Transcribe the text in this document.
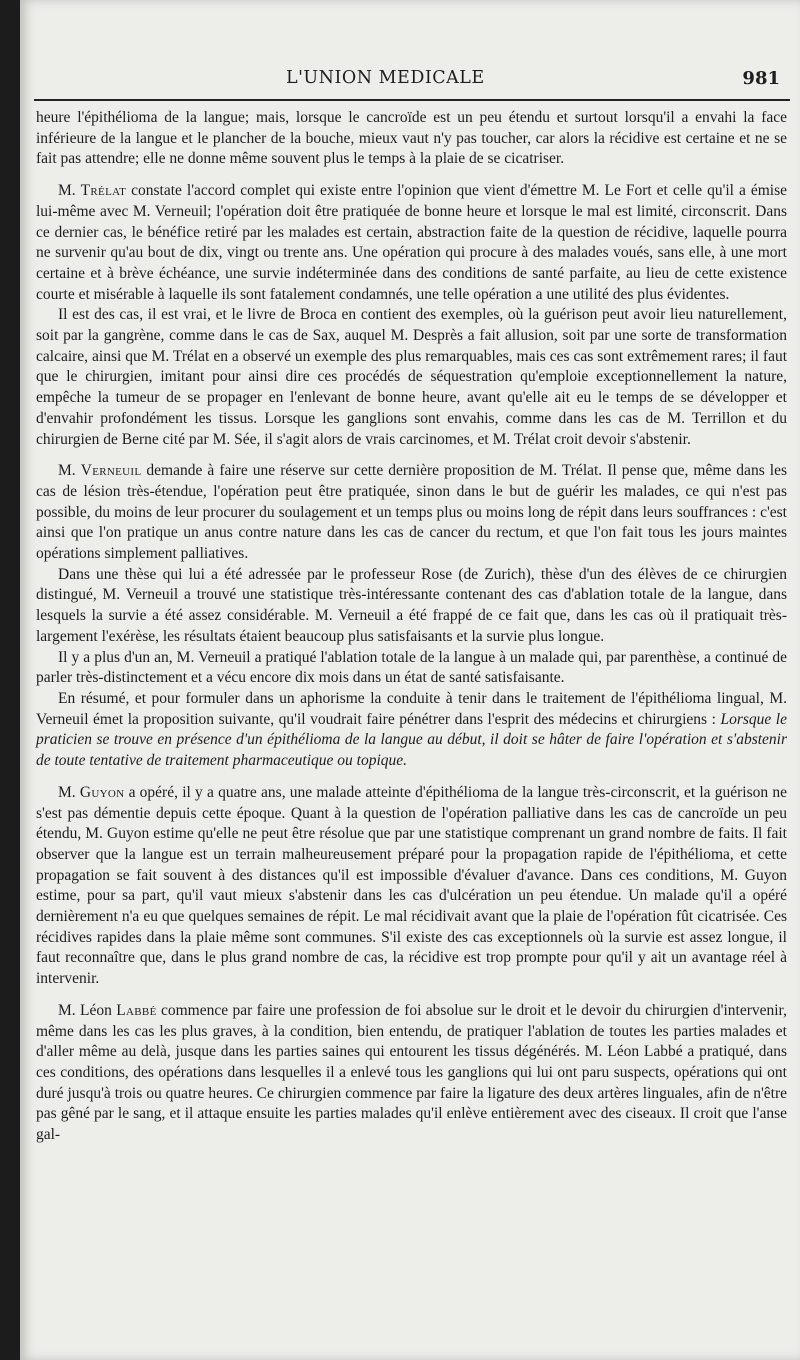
L'UNION MEDICALE	981

heure l'épithélioma de la langue; mais, lorsque le cancroïde est un peu étendu et surtout lorsqu'il a envahi la face inférieure de la langue et le plancher de la bouche, mieux vaut n'y pas toucher, car alors la récidive est certaine et ne se fait pas attendre; elle ne donne même souvent plus le temps à la plaie de se cicatriser.

M. Trélat constate l'accord complet qui existe entre l'opinion que vient d'émettre M. Le Fort et celle qu'il a émise lui-même avec M. Verneuil; l'opération doit être pratiquée de bonne heure et lorsque le mal est limité, circonscrit. Dans ce dernier cas, le bénéfice retiré par les malades est certain, abstraction faite de la question de récidive, laquelle pourra ne survenir qu'au bout de dix, vingt ou trente ans. Une opération qui procure à des malades voués, sans elle, à une mort certaine et à brève échéance, une survie indéterminée dans des conditions de santé parfaite, au lieu de cette existence courte et misérable à laquelle ils sont fatalement condamnés, une telle opération a une utilité des plus évidentes.

Il est des cas, il est vrai, et le livre de Broca en contient des exemples, où la guérison peut avoir lieu naturellement, soit par la gangrène, comme dans le cas de Sax, auquel M. Desprès a fait allusion, soit par une sorte de transformation calcaire, ainsi que M. Trélat en a observé un exemple des plus remarquables, mais ces cas sont extrêmement rares; il faut que le chirurgien, imitant pour ainsi dire ces procédés de séquestration qu'emploie exceptionnellement la nature, empêche la tumeur de se propager en l'enlevant de bonne heure, avant qu'elle ait eu le temps de se développer et d'envahir profondément les tissus. Lorsque les ganglions sont envahis, comme dans les cas de M. Terrillon et du chirurgien de Berne cité par M. Sée, il s'agit alors de vrais carcinomes, et M. Trélat croit devoir s'abstenir.

M. Verneuil demande à faire une réserve sur cette dernière proposition de M. Trélat. Il pense que, même dans les cas de lésion très-étendue, l'opération peut être pratiquée, sinon dans le but de guérir les malades, ce qui n'est pas possible, du moins de leur procurer du soulagement et un temps plus ou moins long de répit dans leurs souffrances : c'est ainsi que l'on pratique un anus contre nature dans les cas de cancer du rectum, et que l'on fait tous les jours maintes opérations simplement palliatives.

Dans une thèse qui lui a été adressée par le professeur Rose (de Zurich), thèse d'un des élèves de ce chirurgien distingué, M. Verneuil a trouvé une statistique très-intéressante contenant des cas d'ablation totale de la langue, dans lesquels la survie a été assez considérable. M. Verneuil a été frappé de ce fait que, dans les cas où il pratiquait très-largement l'exérèse, les résultats étaient beaucoup plus satisfaisants et la survie plus longue.

Il y a plus d'un an, M. Verneuil a pratiqué l'ablation totale de la langue à un malade qui, par parenthèse, a continué de parler très-distinctement et a vécu encore dix mois dans un état de santé satisfaisante.

En résumé, et pour formuler dans un aphorisme la conduite à tenir dans le traitement de l'épithélioma lingual, M. Verneuil émet la proposition suivante, qu'il voudrait faire pénétrer dans l'esprit des médecins et chirurgiens : Lorsque le praticien se trouve en présence d'un épithélioma de la langue au début, il doit se hâter de faire l'opération et s'abstenir de toute tentative de traitement pharmaceutique ou topique.

M. Guyon a opéré, il y a quatre ans, une malade atteinte d'épithélioma de la langue très-circonscrit, et la guérison ne s'est pas démentie depuis cette époque. Quant à la question de l'opération palliative dans les cas de cancroïde un peu étendu, M. Guyon estime qu'elle ne peut être résolue que par une statistique comprenant un grand nombre de faits. Il fait observer que la langue est un terrain malheureusement préparé pour la propagation rapide de l'épithélioma, et cette propagation se fait souvent à des distances qu'il est impossible d'évaluer d'avance. Dans ces conditions, M. Guyon estime, pour sa part, qu'il vaut mieux s'abstenir dans les cas d'ulcération un peu étendue. Un malade qu'il a opéré dernièrement n'a eu que quelques semaines de répit. Le mal récidivait avant que la plaie de l'opération fût cicatrisée. Ces récidives rapides dans la plaie même sont communes. S'il existe des cas exceptionnels où la survie est assez longue, il faut reconnaître que, dans le plus grand nombre de cas, la récidive est trop prompte pour qu'il y ait un avantage réel à intervenir.

M. Léon Labbé commence par faire une profession de foi absolue sur le droit et le devoir du chirurgien d'intervenir, même dans les cas les plus graves, à la condition, bien entendu, de pratiquer l'ablation de toutes les parties malades et d'aller même au delà, jusque dans les parties saines qui entourent les tissus dégénérés. M. Léon Labbé a pratiqué, dans ces conditions, des opérations dans lesquelles il a enlevé tous les ganglions qui lui ont paru suspects, opérations qui ont duré jusqu'à trois ou quatre heures. Ce chirurgien commence par faire la ligature des deux artères linguales, afin de n'être pas gêné par le sang, et il attaque ensuite les parties malades qu'il enlève entièrement avec des ciseaux. Il croit que l'anse gal-
